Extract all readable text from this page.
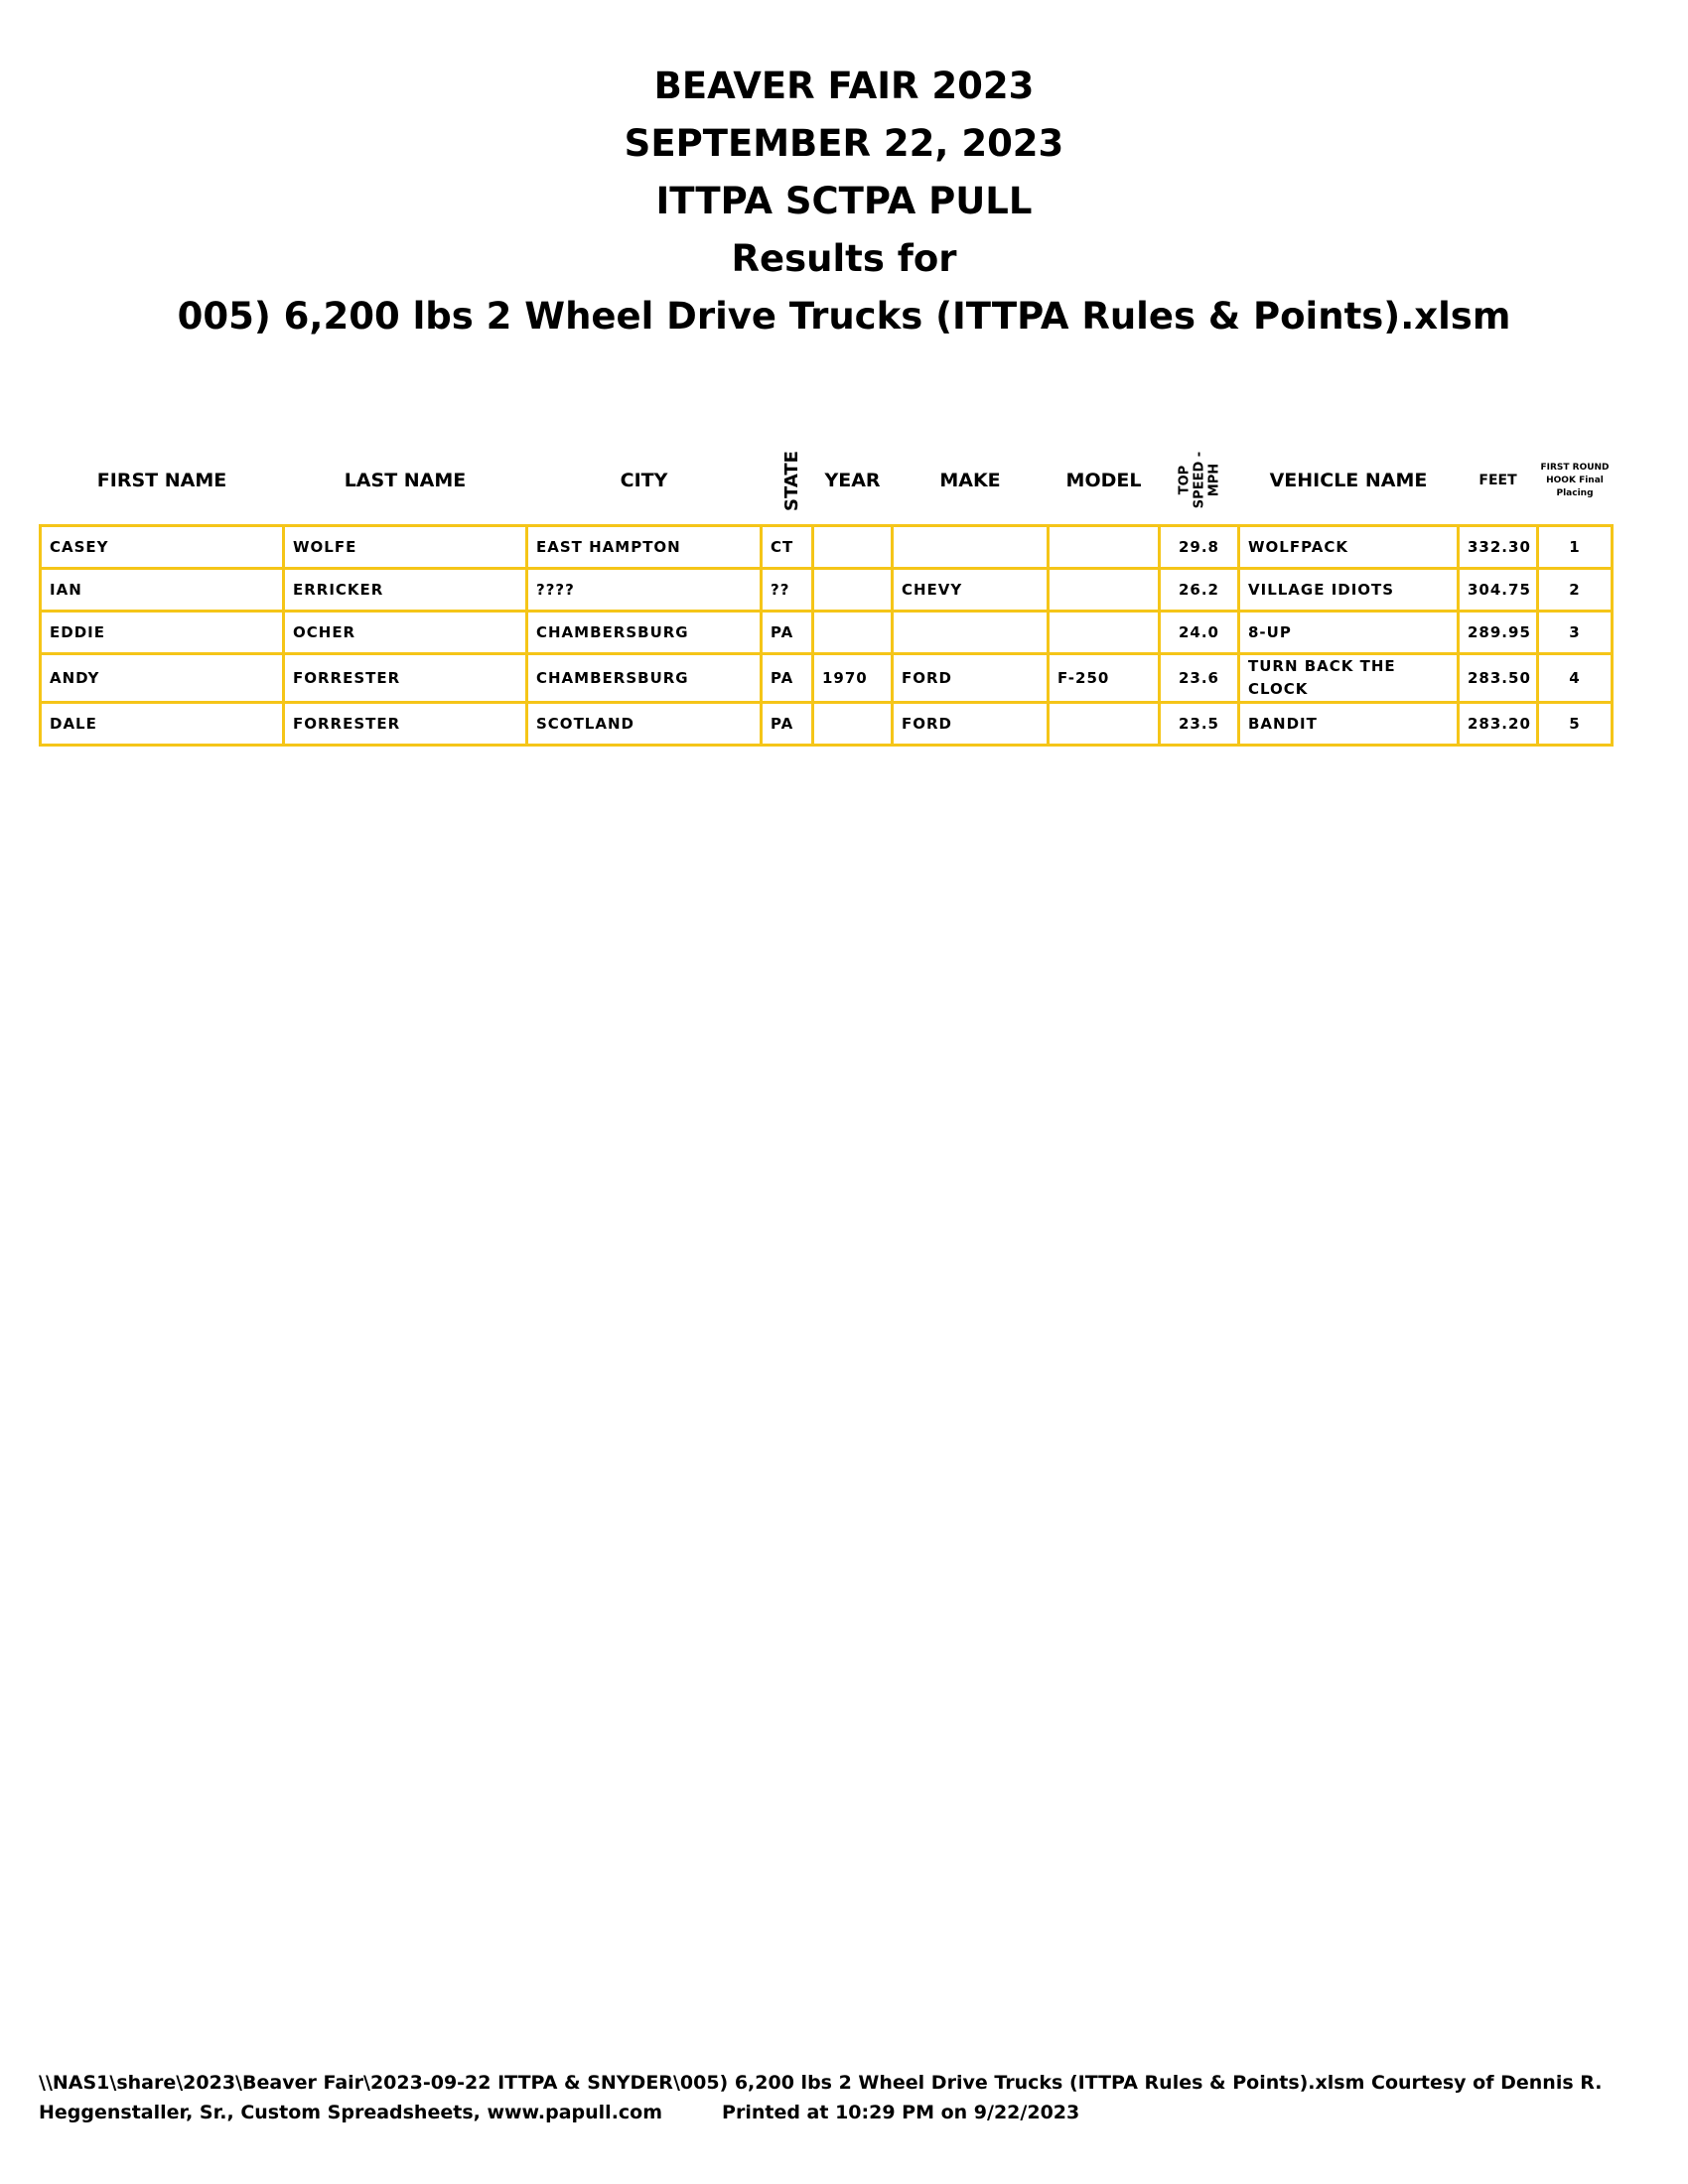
BEAVER FAIR 2023
SEPTEMBER 22, 2023
ITTPA SCTPA PULL
Results for
005) 6,200 lbs 2 Wheel Drive Trucks (ITTPA Rules & Points).xlsm
FIRST NAME	LAST NAME	CITY	STATE	YEAR	MAKE	MODEL	TOP SPEED - MPH	VEHICLE NAME	FEET	FIRST ROUND HOOK Final Placing
CASEY	WOLFE	EAST HAMPTON	CT				29.8	WOLFPACK	332.30	1
IAN	ERRICKER	????	??		CHEVY		26.2	VILLAGE IDIOTS	304.75	2
EDDIE	OCHER	CHAMBERSBURG	PA				24.0	8-UP	289.95	3
ANDY	FORRESTER	CHAMBERSBURG	PA	1970	FORD	F-250	23.6	TURN BACK THE CLOCK	283.50	4
DALE	FORRESTER	SCOTLAND	PA		FORD		23.5	BANDIT	283.20	5
\\NAS1\share\2023\Beaver Fair\2023-09-22 ITTPA & SNYDER\005) 6,200 lbs 2 Wheel Drive Trucks (ITTPA Rules & Points).xlsm Courtesy of Dennis R.
Heggenstaller, Sr., Custom Spreadsheets, www.papull.com	Printed at 10:29 PM on 9/22/2023
